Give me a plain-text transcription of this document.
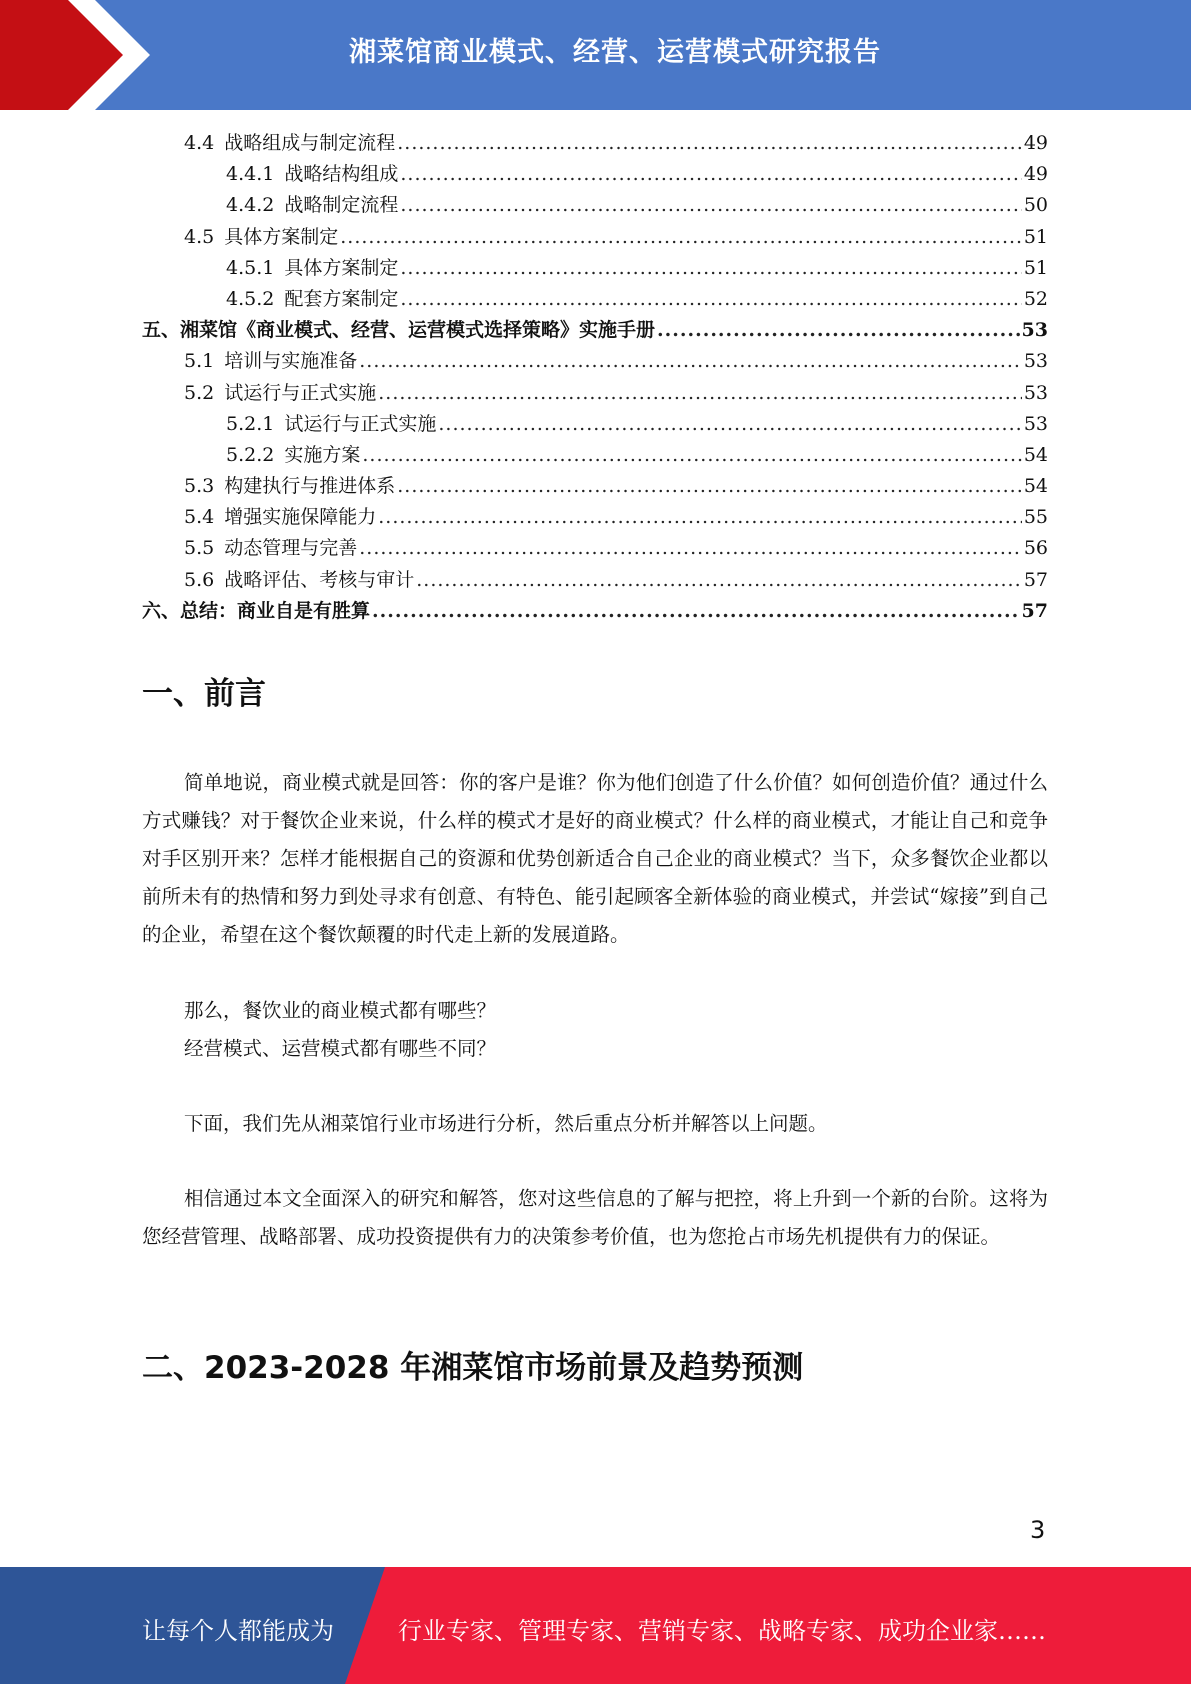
湘菜馆商业模式、经营、运营模式研究报告
4.4 战略组成与制定流程 .....	49
4.4.1 战略结构组成 .....	49
4.4.2 战略制定流程 .....	50
4.5 具体方案制定 .....	51
4.5.1 具体方案制定 .....	51
4.5.2 配套方案制定 .....	52
五、湘菜馆《商业模式、经营、运营模式选择策略》实施手册 .....	53
5.1 培训与实施准备 .....	53
5.2 试运行与正式实施 .....	53
5.2.1 试运行与正式实施 .....	53
5.2.2 实施方案 .....	54
5.3 构建执行与推进体系 .....	54
5.4 增强实施保障能力 .....	55
5.5 动态管理与完善 .....	56
5.6 战略评估、考核与审计 .....	57
六、总结：商业自是有胜算 .....	57
一、前言
简单地说，商业模式就是回答：你的客户是谁？你为他们创造了什么价值？如何创造价值？通过什么方式赚钱？对于餐饮企业来说，什么样的模式才是好的商业模式？什么样的商业模式，才能让自己和竞争对手区别开来？怎样才能根据自己的资源和优势创新适合自己企业的商业模式？当下，众多餐饮企业都以前所未有的热情和努力到处寻求有创意、有特色、能引起顾客全新体验的商业模式，并尝试“嫁接”到自己的企业，希望在这个餐饮颠覆的时代走上新的发展道路。
那么，餐饮业的商业模式都有哪些？
经营模式、运营模式都有哪些不同？
下面，我们先从湘菜馆行业市场进行分析，然后重点分析并解答以上问题。
相信通过本文全面深入的研究和解答，您对这些信息的了解与把控，将上升到一个新的台阶。这将为您经营管理、战略部署、成功投资提供有力的决策参考价值，也为您抢占市场先机提供有力的保证。
二、2023-2028 年湘菜馆市场前景及趋势预测
3
让每个人都能成为	行业专家、管理专家、营销专家、战略专家、成功企业家……
